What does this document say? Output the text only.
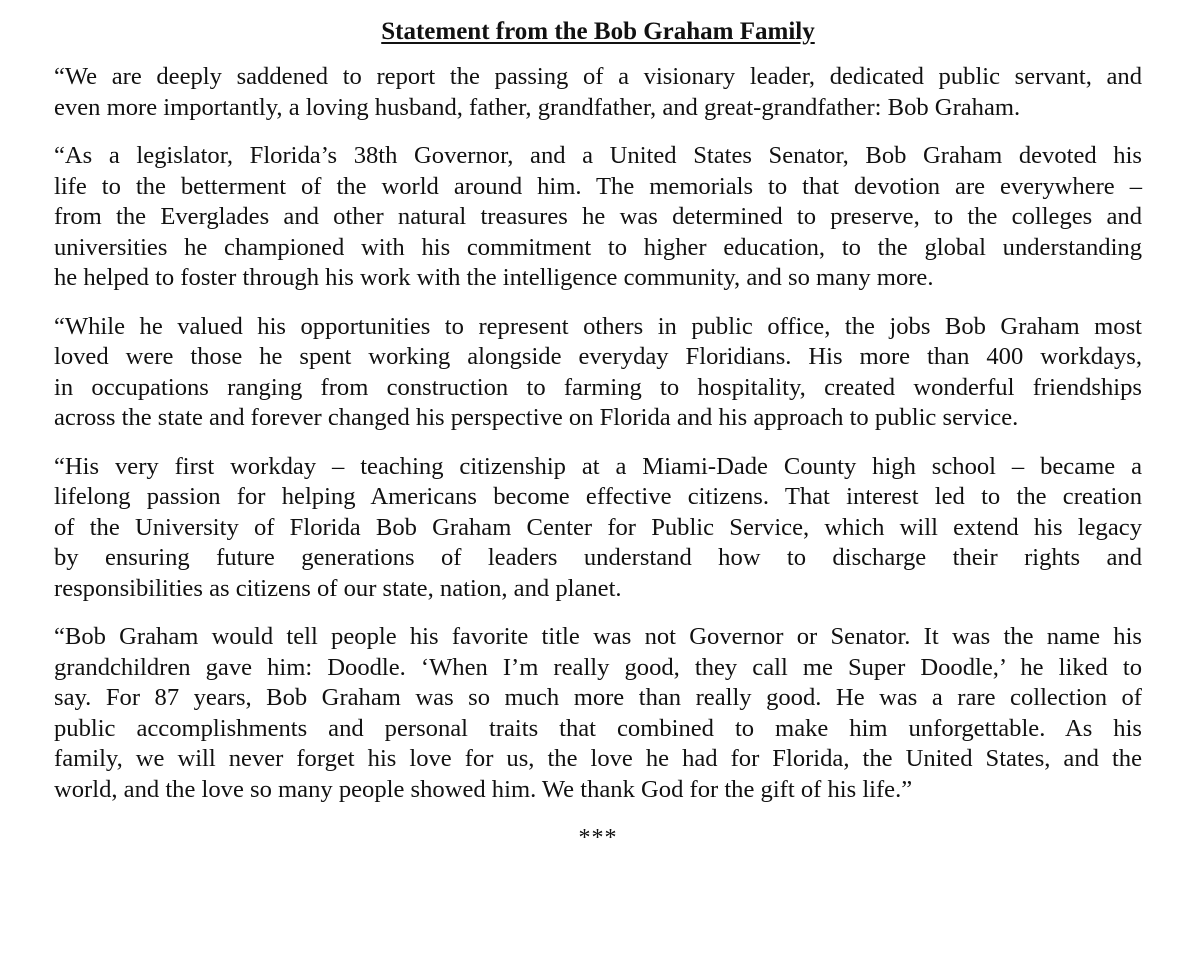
Statement from the Bob Graham Family

“We are deeply saddened to report the passing of a visionary leader, dedicated public servant, and
even more importantly, a loving husband, father, grandfather, and great-grandfather: Bob Graham.

“As a legislator, Florida’s 38th Governor, and a United States Senator, Bob Graham devoted his
life to the betterment of the world around him. The memorials to that devotion are everywhere –
from the Everglades and other natural treasures he was determined to preserve, to the colleges and
universities he championed with his commitment to higher education, to the global understanding
he helped to foster through his work with the intelligence community, and so many more.

“While he valued his opportunities to represent others in public office, the jobs Bob Graham most
loved were those he spent working alongside everyday Floridians. His more than 400 workdays,
in occupations ranging from construction to farming to hospitality, created wonderful friendships
across the state and forever changed his perspective on Florida and his approach to public service.

“His very first workday – teaching citizenship at a Miami-Dade County high school – became a
lifelong passion for helping Americans become effective citizens. That interest led to the creation
of the University of Florida Bob Graham Center for Public Service, which will extend his legacy
by ensuring future generations of leaders understand how to discharge their rights and
responsibilities as citizens of our state, nation, and planet.

“Bob Graham would tell people his favorite title was not Governor or Senator. It was the name his
grandchildren gave him: Doodle. ‘When I’m really good, they call me Super Doodle,’ he liked to
say. For 87 years, Bob Graham was so much more than really good. He was a rare collection of
public accomplishments and personal traits that combined to make him unforgettable. As his
family, we will never forget his love for us, the love he had for Florida, the United States, and the
world, and the love so many people showed him. We thank God for the gift of his life.”

***
